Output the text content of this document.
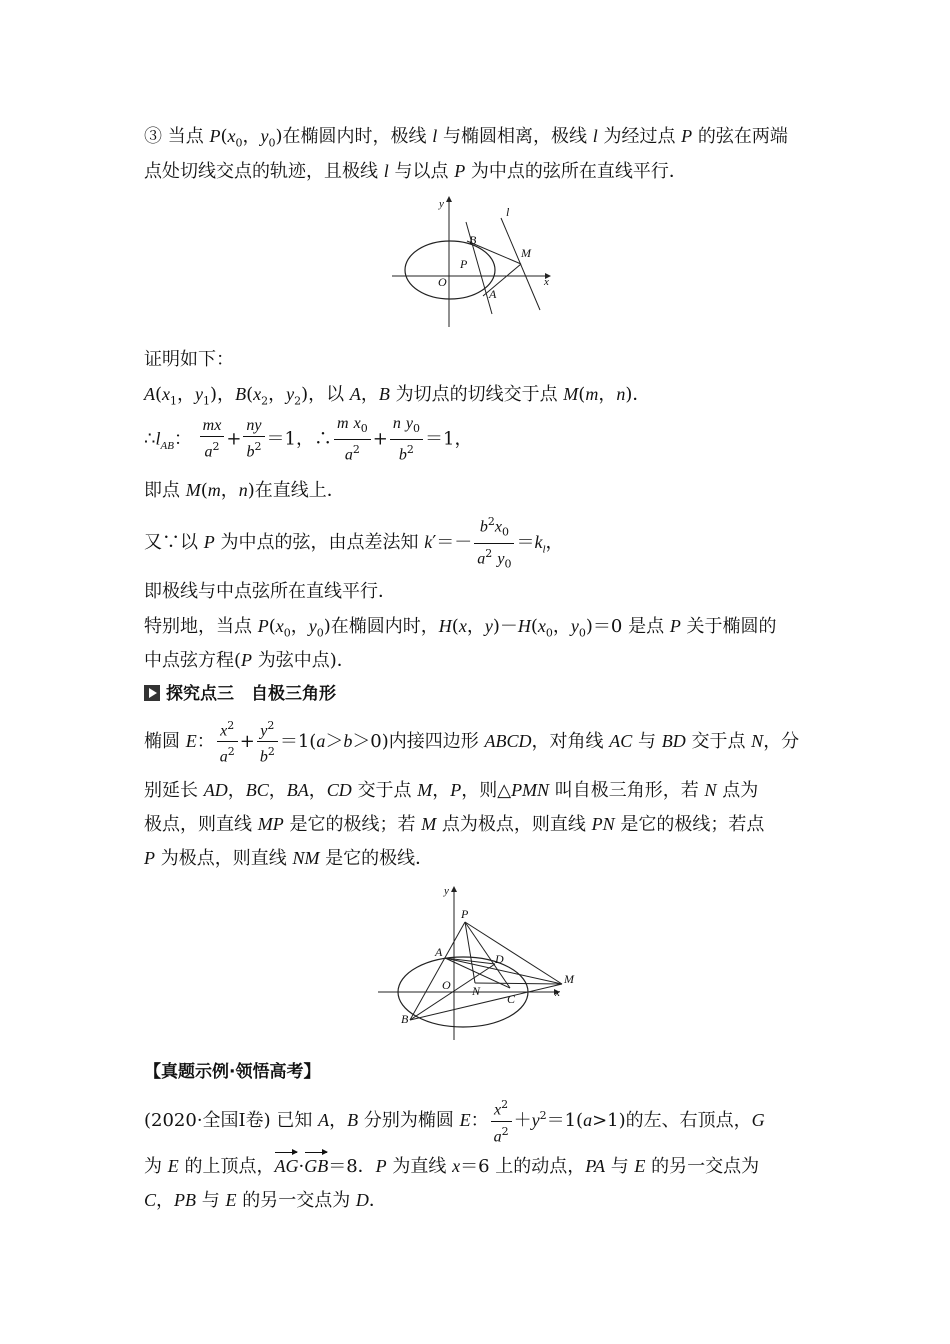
③ 当点 $P(x_0$，$y_0$)在椭圆内时，极线 l 与椭圆相离，极线 l 为经过点 P 的弦在两端
点处切线交点的轨迹，且极线 l 与以点 P 为中点的弦所在直线平行．
y
l
B
M
P
x
O
A
证明如下：
$A(x_1$，$y_1$)，$B(x_2$，$y_2$)，以 A，B 为切点的切线交于点 M(m，n)．
$\therefore l_{AB}$： $\frac{mx}{a^2} + \frac{ny}{b^2} =1$，∴ $\frac{m x_0}{a^2} + \frac{n y_0}{b^2} =1$，
即点 M(m，n)在直线上．
又∵以 P 为中点的弦，由点差法知 $k'=- \frac{b^2x_0}{a^2 y_0} =k_l$，
即极线与中点弦所在直线平行．
特别地，当点 $P(x_0$，$y_0$)在椭圆内时，H(x，$y)-H(x_0$，$y_0)=0$ 是点 P 关于椭圆的
中点弦方程(P 为弦中点)．
探究点三　自极三角形
椭圆 E： $\frac{x^2}{a^2} + \frac{y^2}{b^2} =1(a>b>0)$内接四边形 ABCD，对角线 AC 与 BD 交于点 N，分
别延长 AD，BC，BA，CD 交于点 M，P，则△PMN 叫自极三角形，若 N 点为
极点，则直线 MP 是它的极线；若 M 点为极点，则直线 PN 是它的极线；若点
P 为极点，则直线 NM 是它的极线．
y
P
A	D
M
O N
C	x
B
【真题示例·领悟高考】
(2020·全国Ⅰ卷) 已知 A，B 分别为椭圆 E： $\frac{x^2}{a^2} +y^2=1(a>1)$的左、右顶点，G
为 E 的上顶点，AG·GB＝8．P 为直线 x＝6 上的动点，PA 与 E 的另一交点为
C，PB 与 E 的另一交点为 D．
